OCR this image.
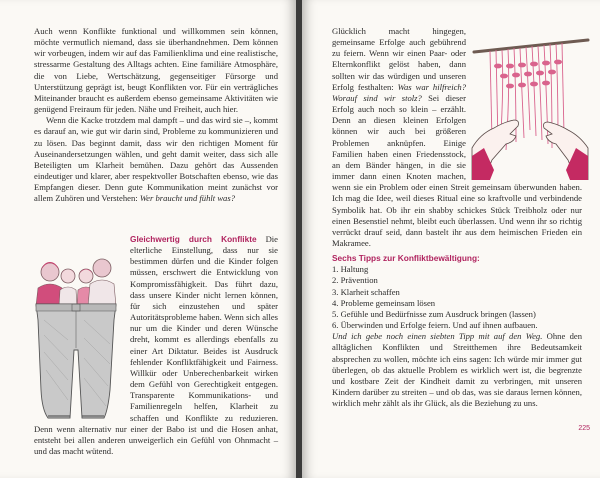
Auch wenn Konflikte funktional und willkommen sein können, möchte vermutlich niemand, dass sie überhandnehmen. Dem können wir vorbeugen, indem wir auf das Familienklima und eine realistische, stressarme Gestaltung des Alltags achten. Eine familiäre Atmosphäre, die von Liebe, Wertschätzung, gegenseitiger Fürsorge und Unterstützung geprägt ist, beugt Konflikten vor. Für ein verträgliches Miteinander braucht es außerdem ebenso gemeinsame Aktivitäten wie genügend Freiraum für jeden. Nähe und Freiheit, auch hier.

Wenn die Kacke trotzdem mal dampft – und das wird sie –, kommt es darauf an, wie gut wir darin sind, Probleme zu kommunizieren und zu lösen. Das beginnt damit, dass wir den richtigen Moment für Auseinandersetzungen wählen, und geht damit weiter, dass sich alle Beteiligten um Klarheit bemühen. Dazu gehört das Aussenden eindeutiger und klarer, aber respektvoller Botschaften ebenso, wie das Empfangen dieser. Denn gute Kommunikation meint zunächst vor allem Zuhören und Verstehen: Wer braucht und fühlt was?

Gleichwertig durch Konflikte Die elterliche Einstellung, dass nur sie bestimmen dürfen und die Kinder folgen müssen, erschwert die Entwicklung von Kompromissfähigkeit. Das führt dazu, dass unsere Kinder nicht lernen können, für sich einzustehen und später Autoritätsprobleme haben. Wenn sich alles nur um die Kinder und deren Wünsche dreht, kommt es allerdings ebenfalls zu einer Art Diktatur. Beides ist Ausdruck fehlender Konfliktfähigkeit und Fairness. Willkür oder Unberechenbarkeit wirken dem Gefühl von Gerechtigkeit entgegen. Transparente Kommunikations- und Familienregeln helfen, Klarheit zu schaffen und Konflikte zu reduzieren. Denn wenn alternativ nur einer der Babo ist und die Hosen anhat, entsteht bei allen anderen unweigerlich ein Gefühl von Ohnmacht – und das macht wütend.

Glücklich macht hingegen, gemeinsame Erfolge auch gebührend zu feiern. Wenn wir einen Paar- oder Elternkonflikt gelöst haben, dann sollten wir das würdigen und unseren Erfolg festhalten: Was war hilfreich? Worauf sind wir stolz? Sei dieser Erfolg auch noch so klein – erzählt. Denn an diesen kleinen Erfolgen können wir auch bei größeren Problemen anknüpfen. Einige Familien haben einen Friedensstock, an dem Bänder hängen, in die sie immer dann einen Knoten machen, wenn sie ein Problem oder einen Streit gemeinsam überwunden haben. Ich mag die Idee, weil dieses Ritual eine so kraftvolle und verbindende Symbolik hat. Ob ihr ein shabby schickes Stück Treibholz oder nur einen Besenstiel nehmt, bleibt euch überlassen. Und wenn ihr so richtig verrückt drauf seid, dann bastelt ihr aus dem heimischen Frieden ein Makramee.

Sechs Tipps zur Konfliktbewältigung:
1. Haltung
2. Prävention
3. Klarheit schaffen
4. Probleme gemeinsam lösen
5. Gefühle und Bedürfnisse zum Ausdruck bringen (lassen)
6. Überwinden und Erfolge feiern. Und auf ihnen aufbauen.

Und ich gebe noch einen siebten Tipp mit auf den Weg. Ohne den alltäglichen Konflikten und Streitthemen ihre Bedeutsamkeit absprechen zu wollen, möchte ich eins sagen: Ich würde mir immer gut überlegen, ob das aktuelle Problem es wirklich wert ist, die begrenzte und kostbare Zeit der Kindheit damit zu verbringen, mit unseren Kindern darüber zu streiten – und ob das, was sie daraus lernen können, wirklich mehr zählt als ihr Glück, als die Beziehung zu uns.

225
